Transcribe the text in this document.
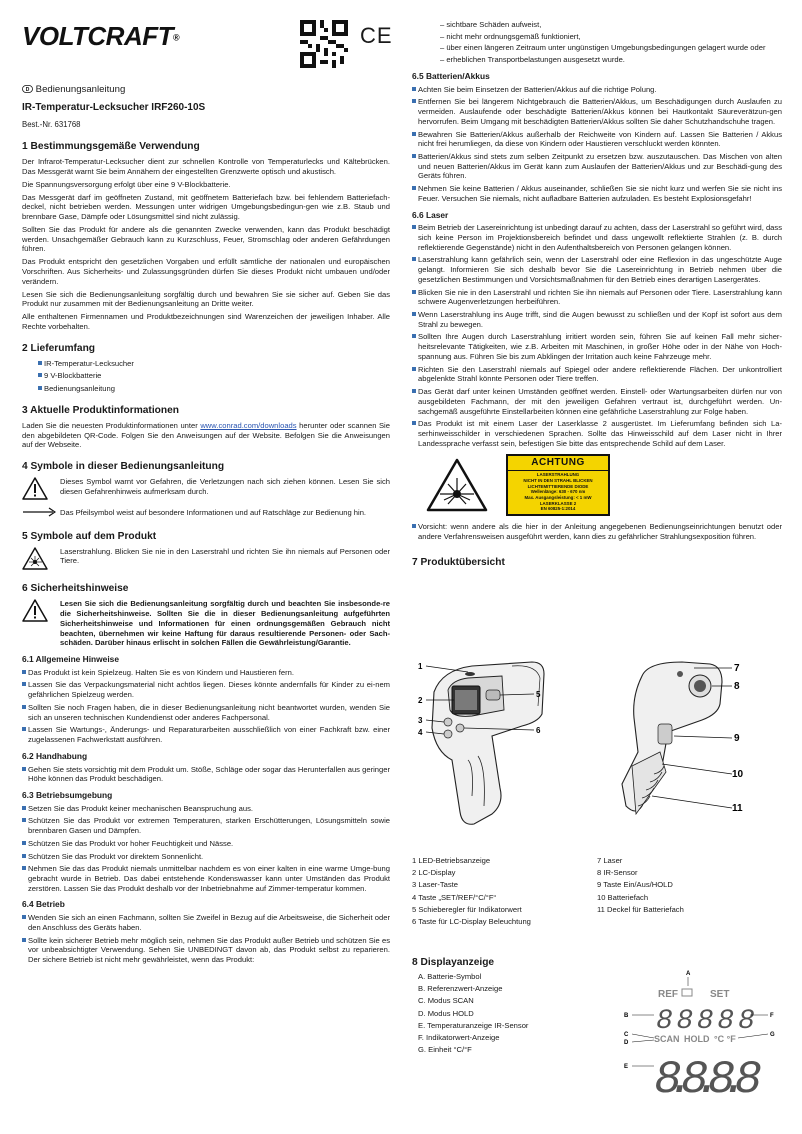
VOLTCRAFT®	CE
D Bedienungsanleitung
IR-Temperatur-Lecksucher IRF260-10S
Best.-Nr. 631768
1 Bestimmungsgemäße Verwendung

Der Infrarot-Temperatur-Lecksucher dient zur schnellen Kontrolle von Temperaturlecks und Kältebrücken. Das Messgerät warnt Sie beim Annähern der eingestellten Grenzwerte optisch und akustisch.

Die Spannungsversorgung erfolgt über eine 9 V-Blockbatterie.

Das Messgerät darf im geöffneten Zustand, mit geöffnetem Batteriefach bzw. bei fehlendem Batteriefach-deckel, nicht betrieben werden. Messungen unter widrigen Umgebungsbedingun-gen wie z.B. Staub und brennbare Gase, Dämpfe oder Lösungsmittel sind nicht zulässig.

Sollten Sie das Produkt für andere als die genannten Zwecke verwenden, kann das Produkt beschädigt werden. Unsachgemäßer Gebrauch kann zu Kurzschluss, Feuer, Stromschlag oder anderen Gefährdungen führen.

Das Produkt entspricht den gesetzlichen Vorgaben und erfüllt sämtliche der nationalen und europäischen Vorschriften. Aus Sicherheits- und Zulassungsgründen dürfen Sie dieses Produkt nicht umbauen und/oder verändern.

Lesen Sie sich die Bedienungsanleitung sorgfältig durch und bewahren Sie sie sicher auf. Geben Sie das Produkt nur zusammen mit der Bedienungsanleitung an Dritte weiter.

Alle enthaltenen Firmennamen und Produktbezeichnungen sind Warenzeichen der jeweiligen Inhaber. Alle Rechte vorbehalten.

2 Lieferumfang
IR-Temperatur-Lecksucher
9 V-Blockbatterie
Bedienungsanleitung
3 Aktuelle Produktinformationen

Laden Sie die neuesten Produktinformationen unter www.conrad.com/downloads herunter oder scannen Sie den abgebildeten QR-Code. Folgen Sie den Anweisungen auf der Website. Befolgen Sie die Anweisungen auf der Webseite.

4 Symbole in dieser Bedienungsanleitung
Dieses Symbol warnt vor Gefahren, die Verletzungen nach sich ziehen können. Lesen Sie sich diesen Gefahrenhinweis aufmerksam durch.
Das Pfeilsymbol weist auf besondere Informationen und auf Ratschläge zur Bedienung hin.
5 Symbole auf dem Produkt
Laserstrahlung. Blicken Sie nie in den Laserstrahl und richten Sie ihn niemals auf Personen oder Tiere.
6 Sicherheitshinweise
Lesen Sie sich die Bedienungsanleitung sorgfältig durch und beachten Sie insbesonde-re die Sicherheitshinweise. Sollten Sie die in dieser Bedienungsanleitung aufgeführten Sicherheitshinweise und Informationen für einen ordnungsgemäßen Gebrauch nicht beachten, übernehmen wir keine Haftung für daraus resultierende Personen- oder Sach-schäden. Darüber hinaus erlischt in solchen Fällen die Gewährleistung/Garantie.
6.1 Allgemeine Hinweise
Das Produkt ist kein Spielzeug. Halten Sie es von Kindern und Haustieren fern.
Lassen Sie das Verpackungsmaterial nicht achtlos liegen. Dieses könnte andernfalls für Kinder zu ei-nem gefährlichen Spielzeug werden.
Sollten Sie noch Fragen haben, die in dieser Bedienungsanleitung nicht beantwortet wurden, wenden Sie sich an unseren technischen Kundendienst oder anderes Fachpersonal.
Lassen Sie Wartungs-, Änderungs- und Reparaturarbeiten ausschließlich von einer Fachkraft bzw. einer zugelassenen Fachwerkstatt ausführen.
6.2 Handhabung
Gehen Sie stets vorsichtig mit dem Produkt um. Stöße, Schläge oder sogar das Herunterfallen aus geringer Höhe können das Produkt beschädigen.
6.3 Betriebsumgebung
Setzen Sie das Produkt keiner mechanischen Beanspruchung aus.
Schützen Sie das Produkt vor extremen Temperaturen, starken Erschütterungen, Lösungsmitteln sowie brennbaren Gasen und Dämpfen.
Schützen Sie das Produkt vor hoher Feuchtigkeit und Nässe.
Schützen Sie das Produkt vor direktem Sonnenlicht.
Nehmen Sie das das Produkt niemals unmittelbar nachdem es von einer kalten in eine warme Umge-bung gebracht wurde in Betrieb. Das dabei entstehende Kondenswasser kann unter Umständen das Produkt zerstören. Lassen Sie das Produkt deshalb vor der Inbetriebnahme auf Zimmer-temperatur kommen.
6.4 Betrieb
Wenden Sie sich an einen Fachmann, sollten Sie Zweifel in Bezug auf die Arbeitsweise, die Sicherheit oder den Anschluss des Geräts haben.
Sollte kein sicherer Betrieb mehr möglich sein, nehmen Sie das Produkt außer Betrieb und schützen Sie es vor unbeabsichtigter Verwendung. Sehen Sie UNBEDINGT davon ab, das Produkt selbst zu reparieren. Der sichere Betrieb ist nicht mehr gewährleistet, wenn das Produkt:
– sichtbare Schäden aufweist,
– nicht mehr ordnungsgemäß funktioniert,
– über einen längeren Zeitraum unter ungünstigen Umgebungsbedingungen gelagert wurde oder
– erheblichen Transportbelastungen ausgesetzt wurde.
6.5 Batterien/Akkus
Achten Sie beim Einsetzen der Batterien/Akkus auf die richtige Polung.
Entfernen Sie bei längerem Nichtgebrauch die Batterien/Akkus, um Beschädigungen durch Auslaufen zu vermeiden. Auslaufende oder beschädigte Batterien/Akkus können bei Hautkontakt Säureverätzun-gen hervorrufen. Beim Umgang mit beschädigten Batterien/Akkus sollten Sie daher Schutzhandschuhe tragen.
Bewahren Sie Batterien/Akkus außerhalb der Reichweite von Kindern auf. Lassen Sie Batterien / Akkus nicht frei herumliegen, da diese von Kindern oder Haustieren verschluckt werden könnten.
Batterien/Akkus sind stets zum selben Zeitpunkt zu ersetzen bzw. auszutauschen. Das Mischen von alten und neuen Batterien/Akkus im Gerät kann zum Auslaufen der Batterien/Akkus und zur Beschädi-gung des Geräts führen.
Nehmen Sie keine Batterien / Akkus auseinander, schließen Sie sie nicht kurz und werfen Sie sie nicht ins Feuer. Versuchen Sie niemals, nicht aufladbare Batterien aufzuladen. Es besteht Explosionsgefahr!
6.6 Laser
Beim Betrieb der Lasereinrichtung ist unbedingt darauf zu achten, dass der Laserstrahl so geführt wird, dass sich keine Person im Projektionsbereich befindet und dass ungewollt reflektierte Strahlen (z. B. durch reflektierende Gegenstände) nicht in den Aufenthaltsbereich von Personen gelangen können.
Laserstrahlung kann gefährlich sein, wenn der Laserstrahl oder eine Reflexion in das ungeschützte Auge gelangt. Informieren Sie sich deshalb bevor Sie die Lasereinrichtung in Betrieb nehmen über die gesetzlichen Bestimmungen und Vorsichtsmaßnahmen für den Betrieb eines derartigen Lasergerätes.
Blicken Sie nie in den Laserstrahl und richten Sie ihn niemals auf Personen oder Tiere. Laserstrahlung kann schwere Augenverletzungen herbeiführen.
Wenn Laserstrahlung ins Auge trifft, sind die Augen bewusst zu schließen und der Kopf ist sofort aus dem Strahl zu bewegen.
Sollten Ihre Augen durch Laserstrahlung irritiert worden sein, führen Sie auf keinen Fall mehr sicher-heitsrelevante Tätigkeiten, wie z.B. Arbeiten mit Maschinen, in großer Höhe oder in der Nähe von Hoch-spannung aus. Führen Sie bis zum Abklingen der Irritation auch keine Fahrzeuge mehr.
Richten Sie den Laserstrahl niemals auf Spiegel oder andere reflektierende Flächen. Der unkontrolliert abgelenkte Strahl könnte Personen oder Tiere treffen.
Das Gerät darf unter keinen Umständen geöffnet werden. Einstell- oder Wartungsarbeiten dürfen nur von ausgebildeten Fachmann, der mit den jeweiligen Gefahren vertraut ist, durchgeführt werden. Un-sachgemäß ausgeführte Einstellarbeiten können eine gefährliche Laserstrahlung zur Folge haben.
Das Produkt ist mit einem Laser der Laserklasse 2 ausgerüstet. Im Lieferumfang befinden sich La-serhinweisschilder in verschiedenen Sprachen. Sollte das Hinweisschild auf dem Laser nicht in Ihrer Landessprache verfasst sein, befestigen Sie bitte das entsprechende Schild auf dem Laser.
ACHTUNG
LASERSTRAHLUNG
NICHT IN DEN STRAHL BLICKEN
LICHTEMITTIERENDE DIODE
Wellenlänge: 630 - 670 nm
Max. Ausgangsleistung: < 1 mW
LASERKLASSE 2
EN 60825-1:2014
Vorsicht: wenn andere als die hier in der Anleitung angegebenen Bedienungseinrichtungen benutzt oder andere Verfahrensweisen ausgeführt werden, kann dies zu gefährlicher Strahlungsexposition führen.
7 Produktübersicht
1
2
3
4
5
6
7
8
9
10
11
1 LED-Betriebsanzeige
2 LC-Display
3 Laser-Taste
4 Taste „SET/REF/°C/°F“
5 Schieberegler für Indikatorwert
6 Taste für LC-Display Beleuchtung
7 Laser
8 IR-Sensor
9 Taste Ein/Aus/HOLD
10 Batteriefach
11 Deckel für Batteriefach
8 Displayanzeige
A. Batterie-Symbol
B. Referenzwert-Anzeige
C. Modus SCAN
D. Modus HOLD
E. Temperaturanzeige IR-Sensor
F. Indikatorwert-Anzeige
G. Einheit °C/°F
A
REF	SET
8888 8
SCAN HOLD °C °F
8.8.8.8
B
C
D
E
F
G
